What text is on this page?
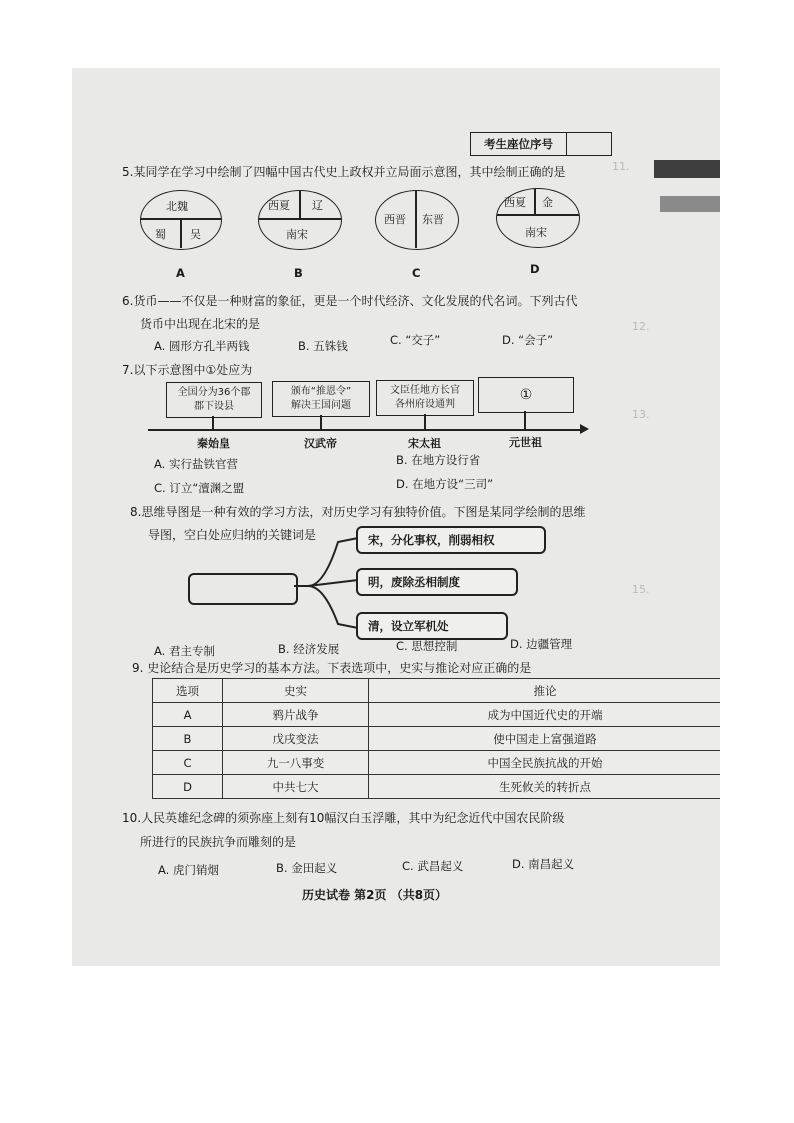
11.
12.
13.
15.
考生座位序号
5.某同学在学习中绘制了四幅中国古代史上政权并立局面示意图，其中绘制正确的是
北魏
蜀 吴
A
西夏 辽
南宋
B
西晋 东晋
C
西夏 金
南宋
D
6.货币——不仅是一种财富的象征，更是一个时代经济、文化发展的代名词。下列古代
货币中出现在北宋的是
A. 圆形方孔半两钱	B. 五铢钱	C. “交子”	D. “会子”
7.以下示意图中①处应为
全国分为36个郡
郡下设县
颁布“推恩令”
解决王国问题
文臣任地方长官
各州府设通判
①
秦始皇	汉武帝	宋太祖	元世祖
A. 实行盐铁官营	B. 在地方设行省
C. 订立“澶渊之盟	D. 在地方设“三司”
8.思维导图是一种有效的学习方法，对历史学习有独特价值。下图是某同学绘制的思维
导图，空白处应归纳的关键词是	宋，分化事权，削弱相权
明，废除丞相制度
清，设立军机处
A. 君主专制	B. 经济发展	C. 思想控制	D. 边疆管理
9. 史论结合是历史学习的基本方法。下表选项中，史实与推论对应正确的是
选项	史实	推论
A	鸦片战争	成为中国近代史的开端
B	戊戌变法	使中国走上富强道路
C	九一八事变	中国全民族抗战的开始
D	中共七大	生死攸关的转折点
10.人民英雄纪念碑的须弥座上刻有10幅汉白玉浮雕，其中为纪念近代中国农民阶级
所进行的民族抗争而雕刻的是
A. 虎门销烟	B. 金田起义	C. 武昌起义	D. 南昌起义
历史试卷 第2页 （共8页）
